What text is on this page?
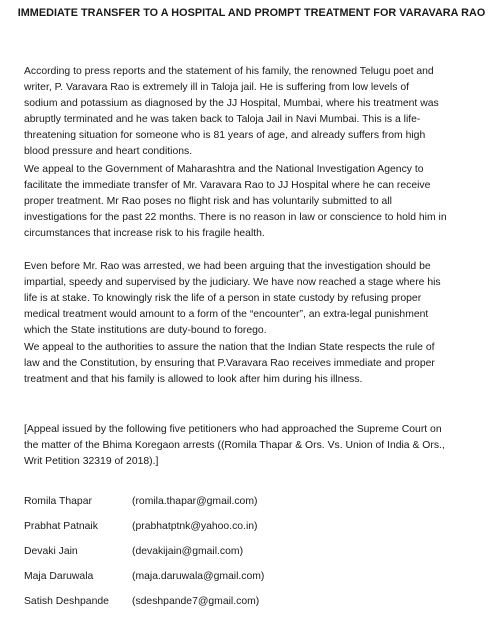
IMMEDIATE TRANSFER TO A HOSPITAL AND PROMPT TREATMENT FOR VARAVARA RAO
According to press reports and the statement of his family, the renowned Telugu poet and
writer, P. Varavara Rao is extremely ill in Taloja jail. He is suffering from low levels of
sodium and potassium as diagnosed by the JJ Hospital, Mumbai, where his treatment was
abruptly terminated and he was taken back to Taloja Jail in Navi Mumbai. This is a life-
threatening situation for someone who is 81 years of age, and already suffers from high
blood pressure and heart conditions.
We appeal to the Government of Maharashtra and the National Investigation Agency to
facilitate the immediate transfer of Mr. Varavara Rao to JJ Hospital where he can receive
proper treatment. Mr Rao poses no flight risk and has voluntarily submitted to all
investigations for the past 22 months. There is no reason in law or conscience to hold him in
circumstances that increase risk to his fragile health.
Even before Mr. Rao was arrested, we had been arguing that the investigation should be
impartial, speedy and supervised by the judiciary. We have now reached a stage where his
life is at stake. To knowingly risk the life of a person in state custody by refusing proper
medical treatment would amount to a form of the “encounter”, an extra-legal punishment
which the State institutions are duty-bound to forego.
We appeal to the authorities to assure the nation that the Indian State respects the rule of
law and the Constitution, by ensuring that P.Varavara Rao receives immediate and proper
treatment and that his family is allowed to look after him during his illness.
[Appeal issued by the following five petitioners who had approached the Supreme Court on
the matter of the Bhima Koregaon arrests ((Romila Thapar & Ors. Vs. Union of India & Ors.,
Writ Petition 32319 of 2018).]
Romila Thapar	(romila.thapar@gmail.com)
Prabhat Patnaik	(prabhatptnk@yahoo.co.in)
Devaki Jain	(devakijain@gmail.com)
Maja Daruwala	(maja.daruwala@gmail.com)
Satish Deshpande (sdeshpande7@gmail.com)
